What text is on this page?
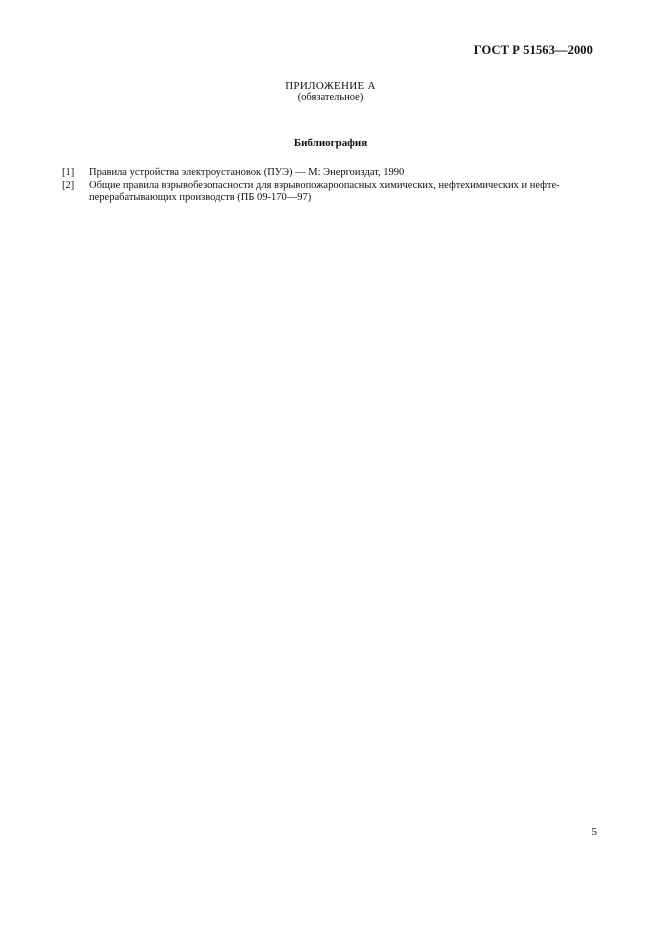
ГОСТ Р 51563—2000
ПРИЛОЖЕНИЕ А
(обязательное)
Библиография
[1]	Правила устройства электроустановок (ПУЭ) — М: Энергоиздат, 1990
[2]	Общие правила взрывобезопасности для взрывопожароопасных химических, нефтехимических и нефте-перерабатывающих производств (ПБ 09-170—97)
5
